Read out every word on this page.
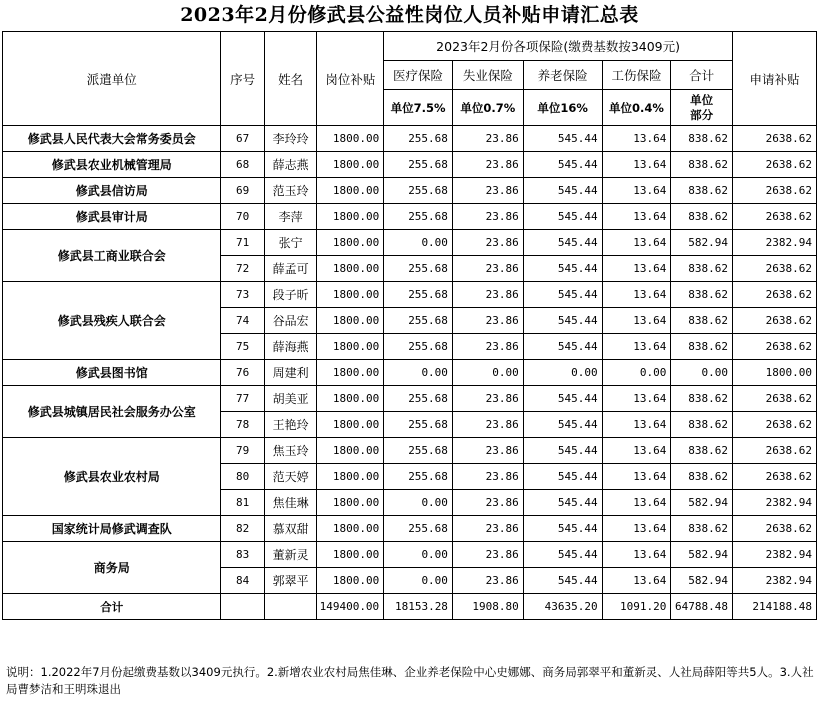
2023年2月份修武县公益性岗位人员补贴申请汇总表
派遣单位	序号	姓名	岗位补贴	2023年2月份各项保险(缴费基数按3409元)					申请补贴
				医疗保险	失业保险	养老保险	工伤保险	合计	
				单位7.5%	单位0.7%	单位16%	单位0.4%	单位部分	
修武县人民代表大会常务委员会	67	李玲玲	1800.00	255.68	23.86	545.44	13.64	838.62	2638.62
修武县农业机械管理局	68	薛志燕	1800.00	255.68	23.86	545.44	13.64	838.62	2638.62
修武县信访局	69	范玉玲	1800.00	255.68	23.86	545.44	13.64	838.62	2638.62
修武县审计局	70	李萍	1800.00	255.68	23.86	545.44	13.64	838.62	2638.62
修武县工商业联合会	71	张宁	1800.00	0.00	23.86	545.44	13.64	582.94	2382.94
	72	薛孟可	1800.00	255.68	23.86	545.44	13.64	838.62	2638.62
修武县残疾人联合会	73	段子昕	1800.00	255.68	23.86	545.44	13.64	838.62	2638.62
	74	谷品宏	1800.00	255.68	23.86	545.44	13.64	838.62	2638.62
	75	薛海燕	1800.00	255.68	23.86	545.44	13.64	838.62	2638.62
修武县图书馆	76	周建利	1800.00	0.00	0.00	0.00	0.00	0.00	1800.00
修武县城镇居民社会服务办公室	77	胡美亚	1800.00	255.68	23.86	545.44	13.64	838.62	2638.62
	78	王艳玲	1800.00	255.68	23.86	545.44	13.64	838.62	2638.62
修武县农业农村局	79	焦玉玲	1800.00	255.68	23.86	545.44	13.64	838.62	2638.62
	80	范天婷	1800.00	255.68	23.86	545.44	13.64	838.62	2638.62
	81	焦佳琳	1800.00	0.00	23.86	545.44	13.64	582.94	2382.94
国家统计局修武调查队	82	慕双甜	1800.00	255.68	23.86	545.44	13.64	838.62	2638.62
商务局	83	董新灵	1800.00	0.00	23.86	545.44	13.64	582.94	2382.94
	84	郭翠平	1800.00	0.00	23.86	545.44	13.64	582.94	2382.94
合计			149400.00	18153.28	1908.80	43635.20	1091.20	64788.48	214188.48
说明：1.2022年7月份起缴费基数以3409元执行。2.新增农业农村局焦佳琳、企业养老保险中心史娜娜、商务局郭翠平和董新灵、人社局薛阳等共5人。3.人社局曹梦洁和王明珠退出
